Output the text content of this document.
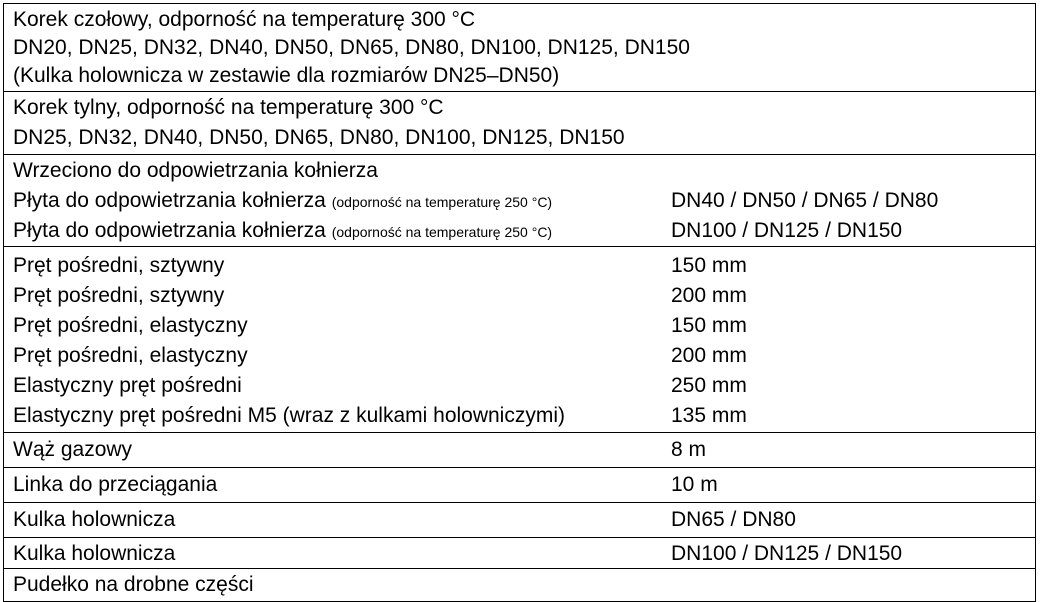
Korek czołowy, odporność na temperaturę 300 °C
DN20, DN25, DN32, DN40, DN50, DN65, DN80, DN100, DN125, DN150
(Kulka holownicza w zestawie dla rozmiarów DN25–DN50)
Korek tylny, odporność na temperaturę 300 °C
DN25, DN32, DN40, DN50, DN65, DN80, DN100, DN125, DN150
Wrzeciono do odpowietrzania kołnierza
Płyta do odpowietrzania kołnierza (odporność na temperaturę 250 °C)	DN40 / DN50 / DN65 / DN80
Płyta do odpowietrzania kołnierza (odporność na temperaturę 250 °C)	DN100 / DN125 / DN150
Pręt pośredni, sztywny	150 mm
Pręt pośredni, sztywny	200 mm
Pręt pośredni, elastyczny	150 mm
Pręt pośredni, elastyczny	200 mm
Elastyczny pręt pośredni	250 mm
Elastyczny pręt pośredni M5 (wraz z kulkami holowniczymi)	135 mm
Wąż gazowy	8 m
Linka do przeciągania	10 m
Kulka holownicza	DN65 / DN80
Kulka holownicza	DN100 / DN125 / DN150
Pudełko na drobne części
